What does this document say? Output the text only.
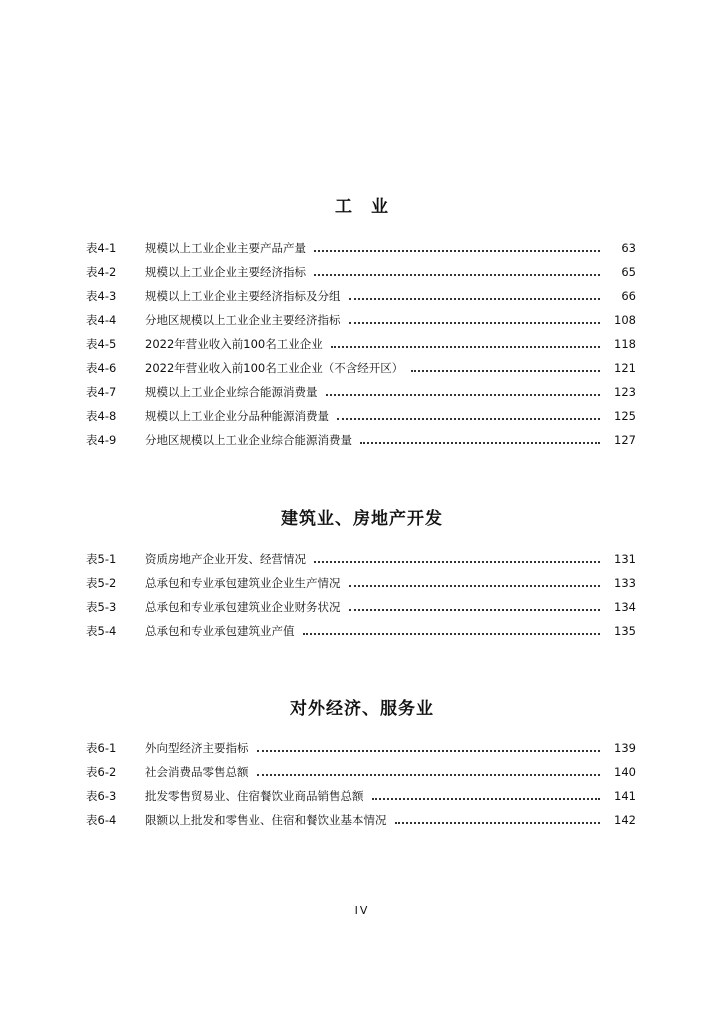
工　业
表4-1	规模以上工业企业主要产品产量	63
表4-2	规模以上工业企业主要经济指标	65
表4-3	规模以上工业企业主要经济指标及分组	66
表4-4	分地区规模以上工业企业主要经济指标	108
表4-5	2022年营业收入前100名工业企业	118
表4-6	2022年营业收入前100名工业企业（不含经开区）	121
表4-7	规模以上工业企业综合能源消费量	123
表4-8	规模以上工业企业分品种能源消费量	125
表4-9	分地区规模以上工业企业综合能源消费量	127
建筑业、房地产开发
表5-1	资质房地产企业开发、经营情况	131
表5-2	总承包和专业承包建筑业企业生产情况	133
表5-3	总承包和专业承包建筑业企业财务状况	134
表5-4	总承包和专业承包建筑业产值	135
对外经济、服务业
表6-1	外向型经济主要指标	139
表6-2	社会消费品零售总额	140
表6-3	批发零售贸易业、住宿餐饮业商品销售总额	141
表6-4	限额以上批发和零售业、住宿和餐饮业基本情况	142
IV
